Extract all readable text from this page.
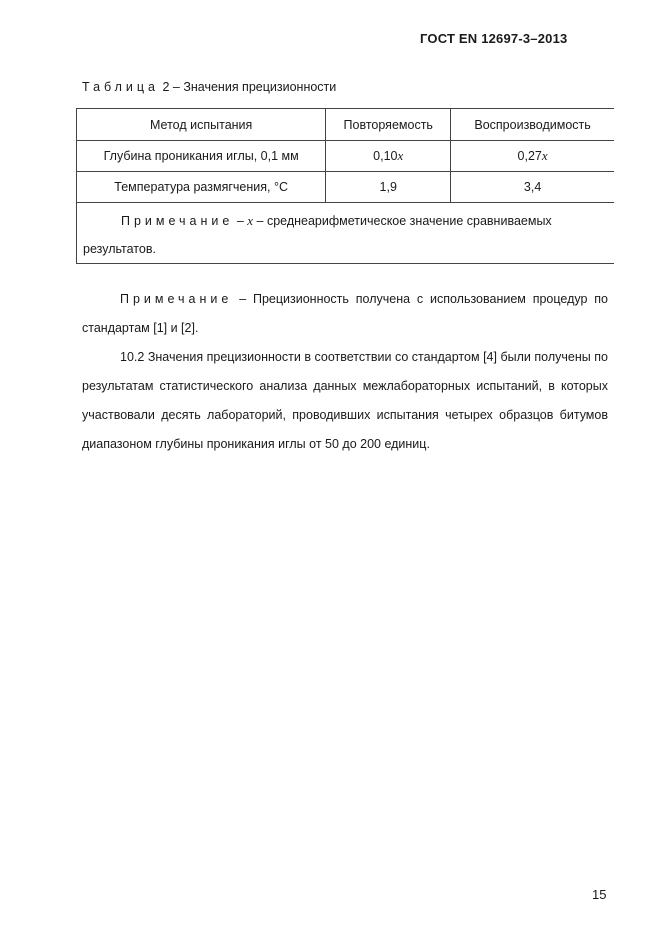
ГОСТ EN 12697-3–2013
Таблица 2 – Значения прецизионности
Метод испытания	Повторяемость	Воспроизводимость
Глубина проникания иглы, 0,1 мм	0,10x	0,27x
Температура размягчения, °С	1,9	3,4

Примечание – x – среднеарифметическое значение сравниваемых результатов.		
Примечание – Прецизионность получена с использованием процедур по стандартам [1] и [2].
10.2 Значения прецизионности в соответствии со стандартом [4] были получены по результатам статистического анализа данных межлабораторных испытаний, в которых участвовали десять лабораторий, проводивших испытания четырех образцов битумов диапазоном глубины проникания иглы от 50 до 200 единиц.
15
